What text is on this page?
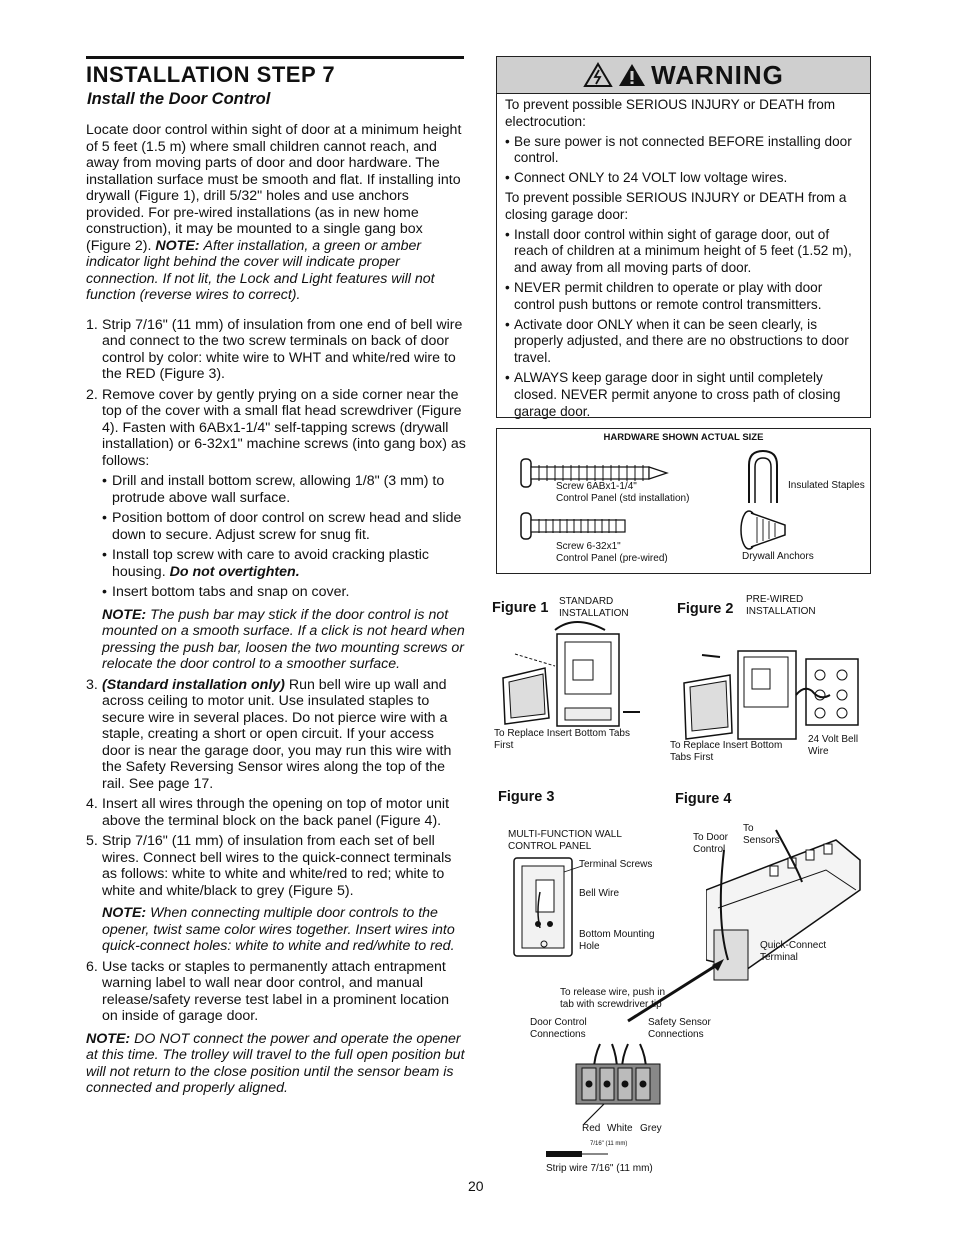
INSTALLATION STEP 7
Install the Door Control

Locate door control within sight of door at a minimum height of 5 feet (1.5 m) where small children cannot reach, and away from moving parts of door and door hardware. The installation surface must be smooth and flat. If installing into drywall (Figure 1), drill 5/32" holes and use anchors provided. For pre-wired installations (as in new home construction), it may be mounted to a single gang box (Figure 2). NOTE: After installation, a green or amber indicator light behind the cover will indicate proper connection. If not lit, the Lock and Light features will not function (reverse wires to correct).

1. Strip 7/16" (11 mm) of insulation from one end of bell wire and connect to the two screw terminals on back of door control by color: white wire to WHT and white/red wire to the RED (Figure 3).
2. Remove cover by gently prying on a side corner near the top of the cover with a small flat head screwdriver (Figure 4). Fasten with 6ABx1-1/4" self-tapping screws (drywall installation) or 6-32x1" machine screws (into gang box) as follows:
• Drill and install bottom screw, allowing 1/8" (3 mm) to protrude above wall surface.
• Position bottom of door control on screw head and slide down to secure. Adjust screw for snug fit.
• Install top screw with care to avoid cracking plastic housing. Do not overtighten.
• Insert bottom tabs and snap on cover.
NOTE: The push bar may stick if the door control is not mounted on a smooth surface. If a click is not heard when pressing the push bar, loosen the two mounting screws or relocate the door control to a smoother surface.
3. (Standard installation only) Run bell wire up wall and across ceiling to motor unit. Use insulated staples to secure wire in several places. Do not pierce wire with a staple, creating a short or open circuit. If your access door is near the garage door, you may run this wire with the Safety Reversing Sensor wires along the top of the rail. See page 17.
4. Insert all wires through the opening on top of motor unit above the terminal block on the back panel (Figure 4).
5. Strip 7/16" (11 mm) of insulation from each set of bell wires. Connect bell wires to the quick-connect terminals as follows: white to white and white/red to red; white to white and white/black to grey (Figure 5).
NOTE: When connecting multiple door controls to the opener, twist same color wires together. Insert wires into quick-connect holes: white to white and red/white to red.
6. Use tacks or staples to permanently attach entrapment warning label to wall near door control, and manual release/safety reverse test label in a prominent location on inside of garage door.
NOTE: DO NOT connect the power and operate the opener at this time. The trolley will travel to the full open position but will not return to the close position until the sensor beam is connected and properly aligned.
WARNING

To prevent possible SERIOUS INJURY or DEATH from electrocution:

• Be sure power is not connected BEFORE installing door control.
• Connect ONLY to 24 VOLT low voltage wires.

To prevent possible SERIOUS INJURY or DEATH from a closing garage door:

• Install door control within sight of garage door, out of reach of children at a minimum height of 5 feet (1.52 m), and away from all moving parts of door.
• NEVER permit children to operate or play with door control push buttons or remote control transmitters.
• Activate door ONLY when it can be seen clearly, is properly adjusted, and there are no obstructions to door travel.
• ALWAYS keep garage door in sight until completely closed. NEVER permit anyone to cross path of closing garage door.
HARDWARE SHOWN ACTUAL SIZE
Screw 6ABx1-1/4"
Control Panel (std installation)
Screw 6-32x1"
Control Panel (pre-wired)
Insulated Staples
Drywall Anchors
Figure 1 STANDARD INSTALLATION
To Replace Insert Bottom Tabs First
Figure 2
PRE-WIRED INSTALLATION
To Replace Insert Bottom Tabs First
24 Volt Bell Wire
Figure 3
MULTI-FUNCTION WALL CONTROL PANEL
Terminal Screws
Bell Wire
Bottom Mounting Hole
Figure 4
To Door Control
To Sensors
Quick-Connect Terminal
To release wire, push in tab with screwdriver tip
Door Control Connections
Safety Sensor Connections
Red White Grey
7/16" (11 mm)
Strip wire 7/16" (11 mm)
20
